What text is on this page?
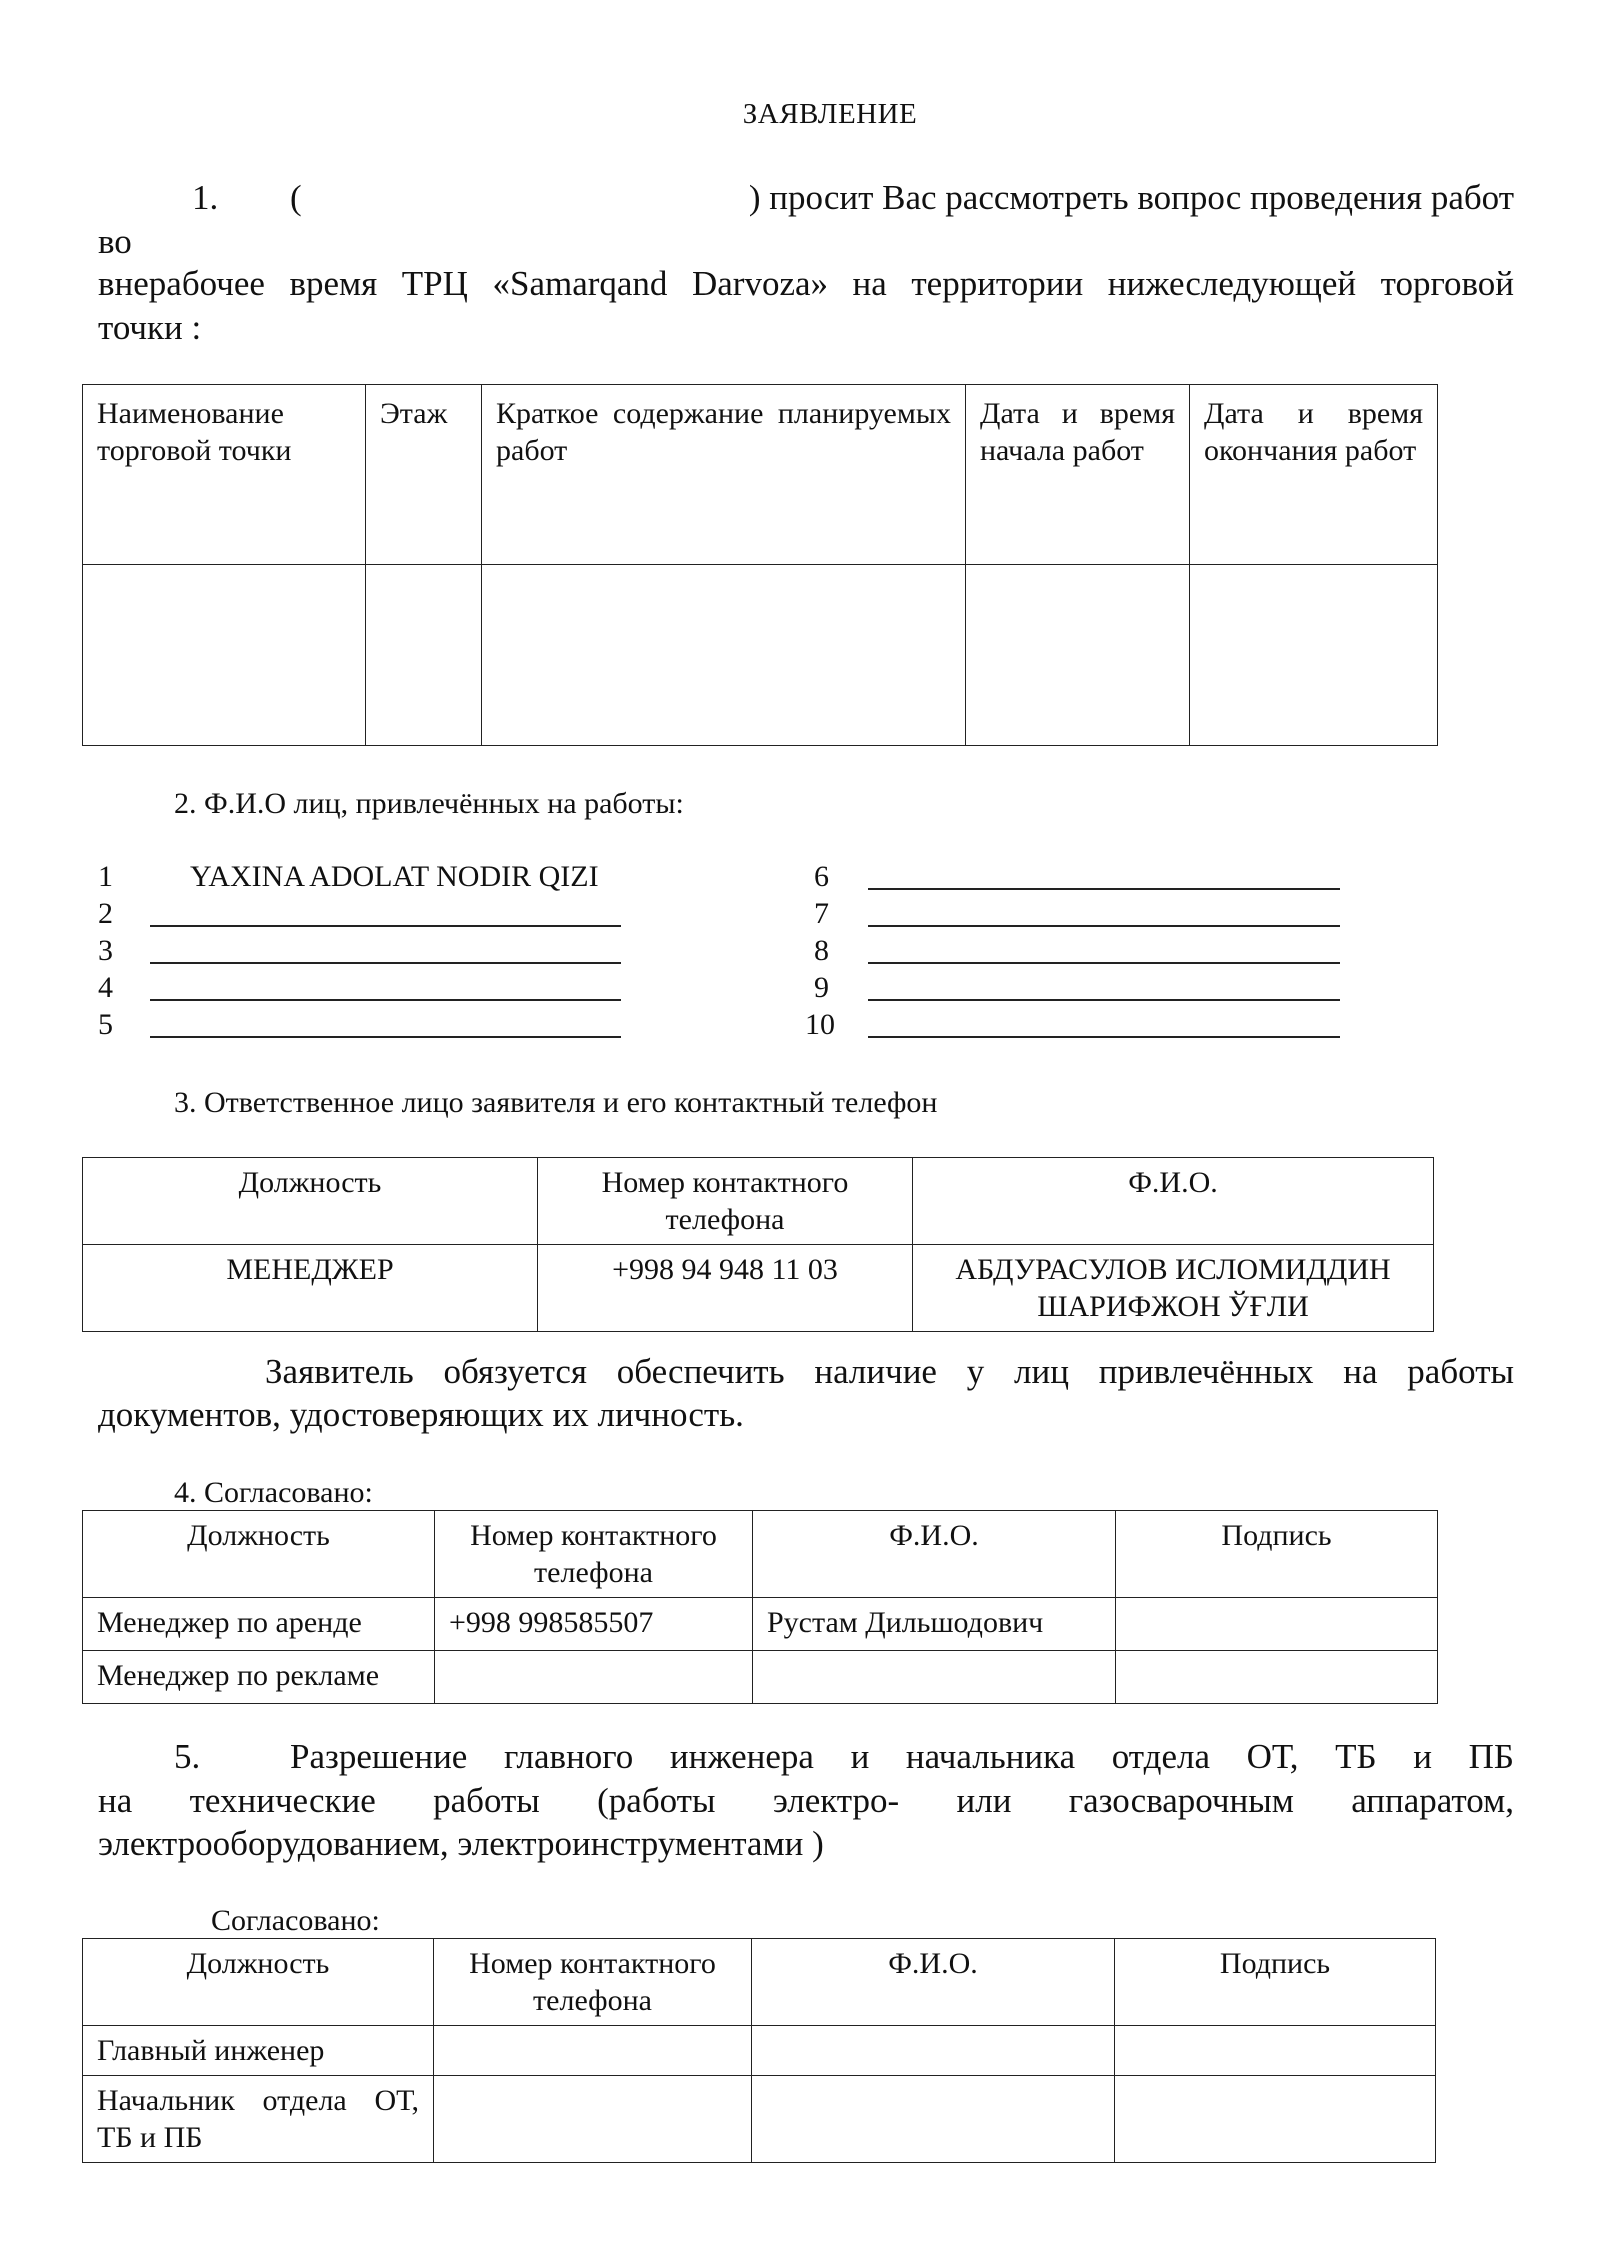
ЗАЯВЛЕНИЕ
1. (	) просит Вас рассмотреть вопрос проведения работ
во
внерабочее время ТРЦ «Samarqand Darvoza» на территории нижеследующей торговой
точки :
Наименование торговой точки	Этаж	Краткое содержание планируемых работ	Дата и время начала работ	Дата и время окончания работ

2. Ф.И.О лиц, привлечённых на работы:
1	YAXINA ADOLAT NODIR QIZI
2
3
4
5
6
7
8
9
10
3. Ответственное лицо заявителя и его контактный телефон
Должность	Номер контактного телефона	Ф.И.О.
МЕНЕДЖЕР	+998 94 948 11 03	АБДУРАСУЛОВ ИСЛОМИДДИН ШАРИФЖОН ЎҒЛИ
Заявитель обязуется обеспечить наличие у лиц привлечённых на работы
документов, удостоверяющих их личность.
4. Согласовано:
Должность	Номер контактного телефона	Ф.И.О.	Подпись
Менеджер по аренде	+998 998585507	Рустам Дильшодович	
Менеджер по рекламе			
5.	Разрешение главного инженера и начальника отдела ОТ, ТБ и ПБ
на технические работы (работы электро- или газосварочным аппаратом,
электрооборудованием, электроинструментами )
Согласовано:
Должность	Номер контактного телефона	Ф.И.О.	Подпись
Главный инженер			
Начальник отдела ОТ, ТБ и ПБ			
